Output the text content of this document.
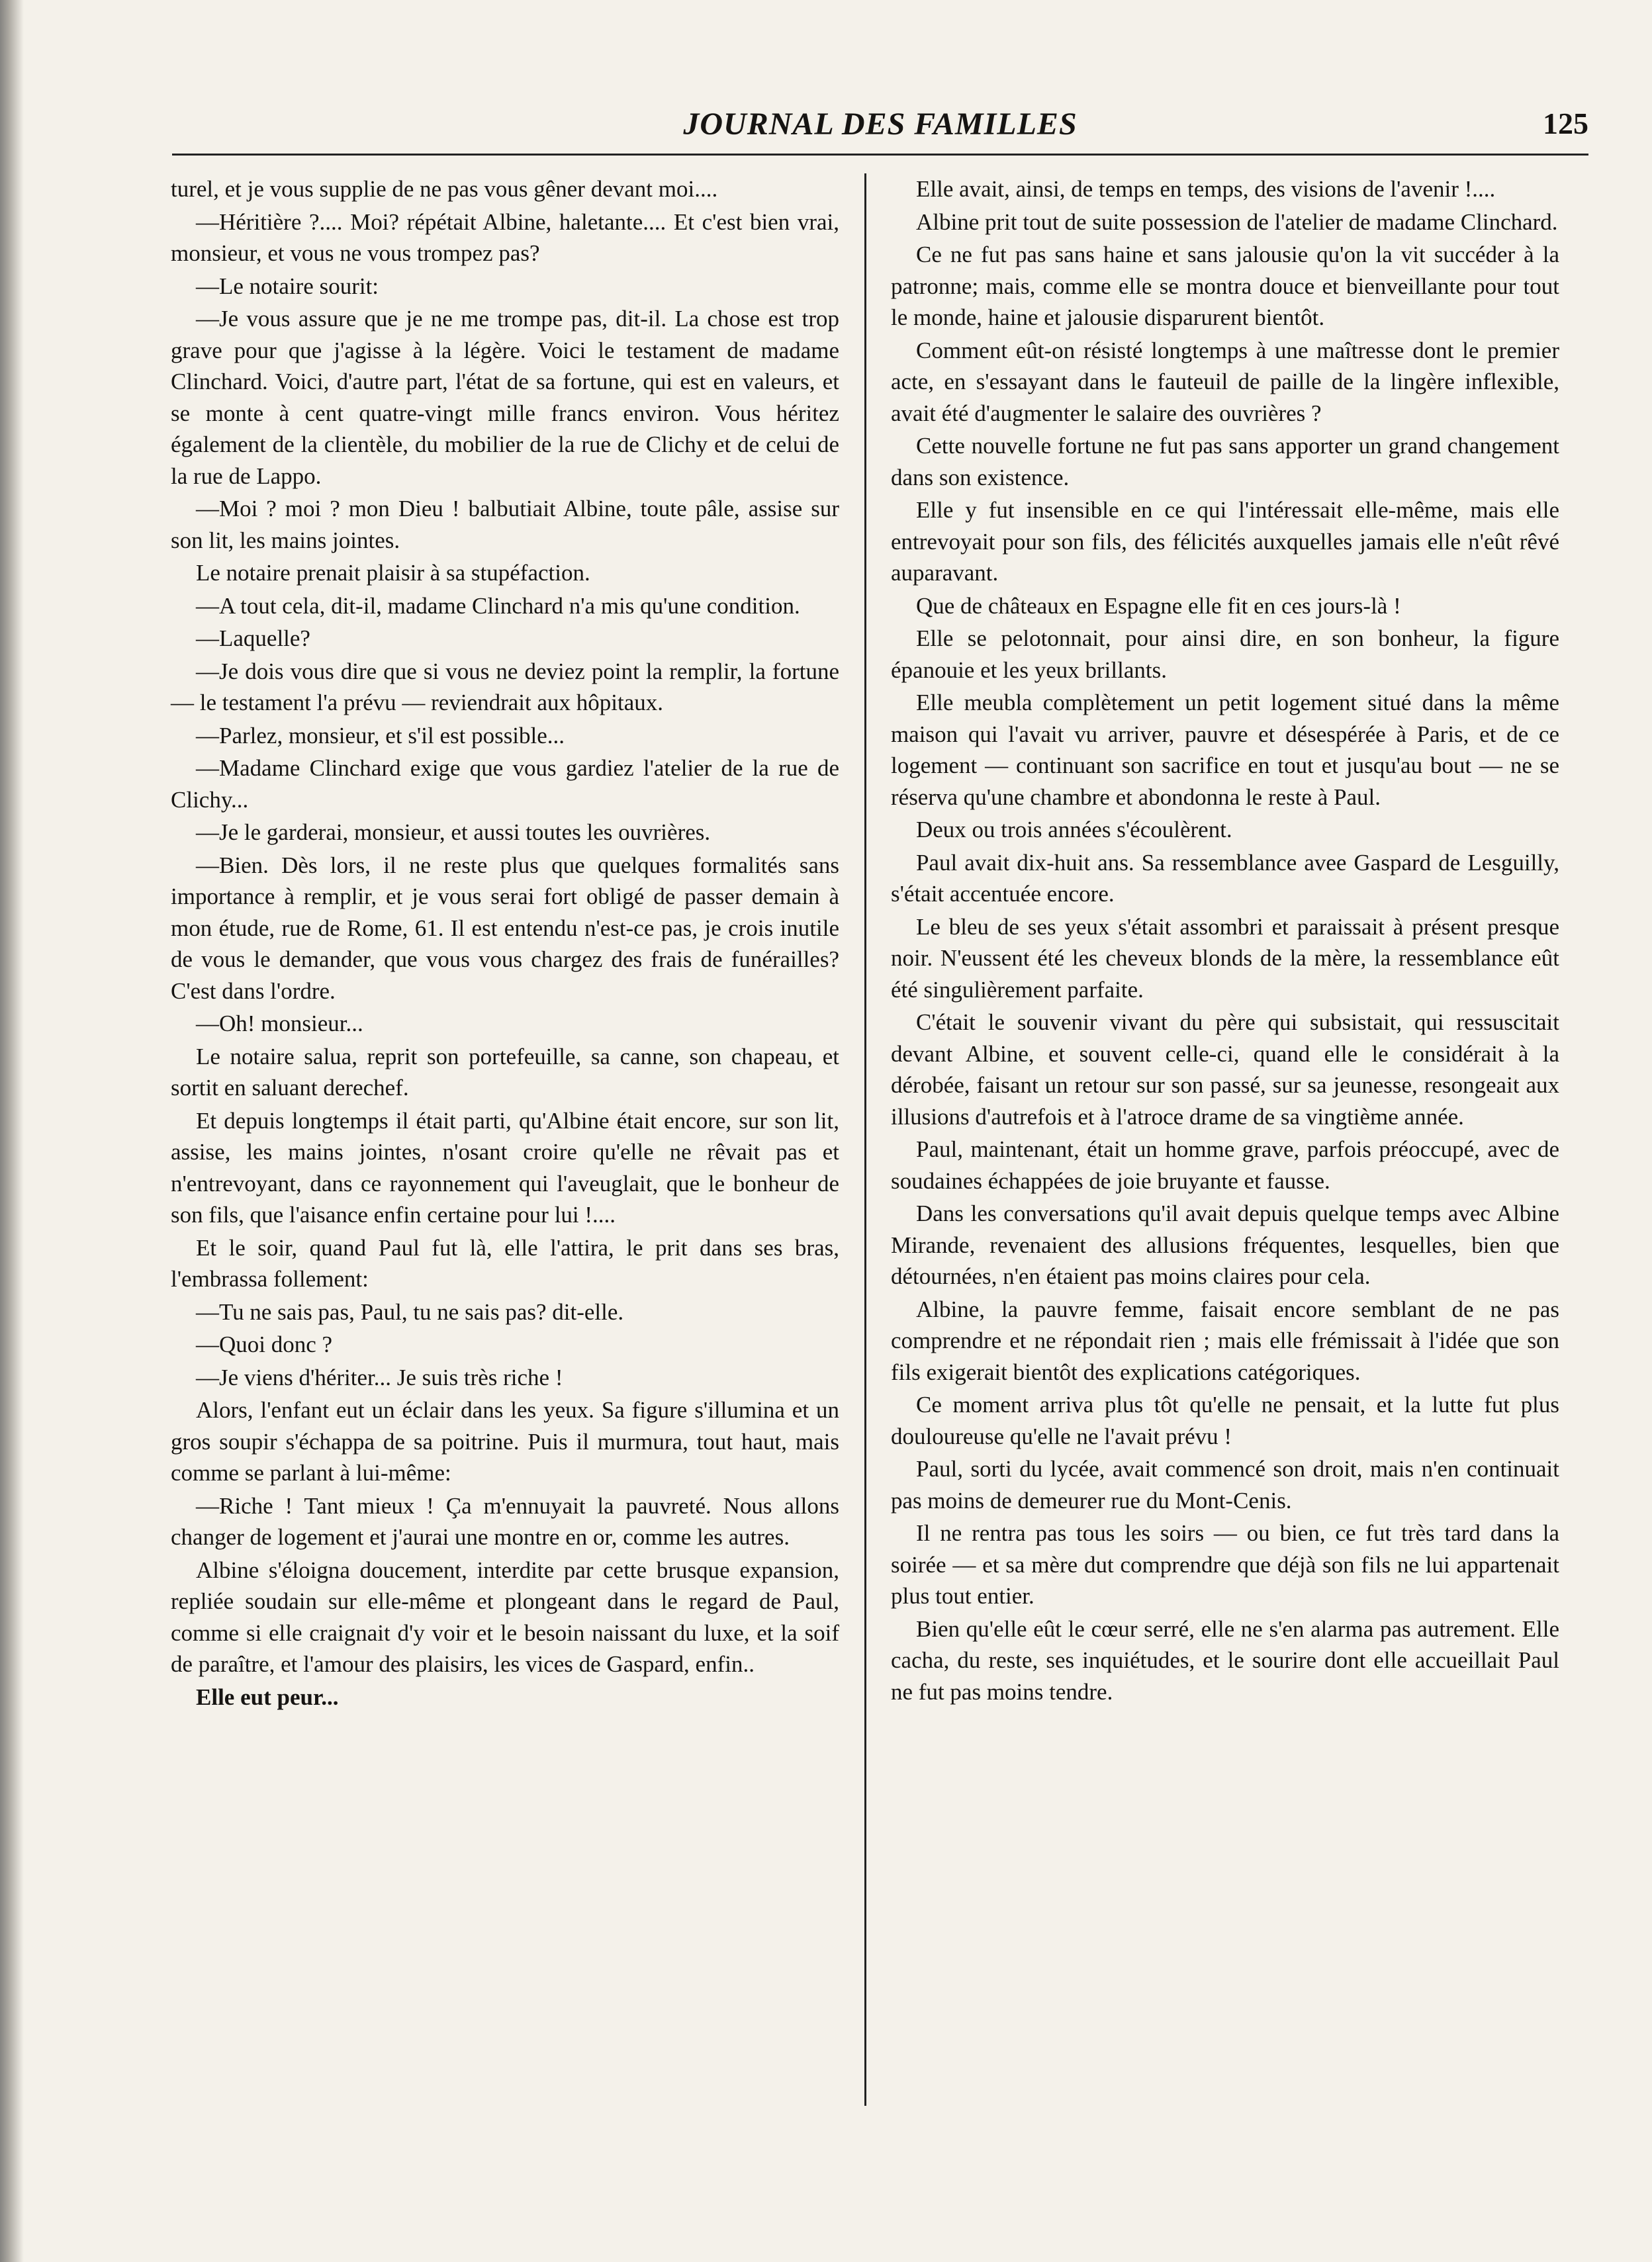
JOURNAL DES FAMILLES	125

turel, et je vous supplie de ne pas vous gêner devant moi....

—Héritière ?.... Moi? répétait Albine, haletante.... Et c'est bien vrai, monsieur, et vous ne vous trompez pas?

—Le notaire sourit:

—Je vous assure que je ne me trompe pas, dit-il. La chose est trop grave pour que j'agisse à la légère. Voici le testament de madame Clinchard. Voici, d'autre part, l'état de sa fortune, qui est en valeurs, et se monte à cent quatre-vingt mille francs environ. Vous héritez également de la clientèle, du mobilier de la rue de Clichy et de celui de la rue de Lappo.

—Moi ? moi ? mon Dieu ! balbutiait Albine, toute pâle, assise sur son lit, les mains jointes.

Le notaire prenait plaisir à sa stupéfaction.

—A tout cela, dit-il, madame Clinchard n'a mis qu'une condition.

—Laquelle?

—Je dois vous dire que si vous ne deviez point la remplir, la fortune — le testament l'a prévu — reviendrait aux hôpitaux.

—Parlez, monsieur, et s'il est possible...

—Madame Clinchard exige que vous gardiez l'atelier de la rue de Clichy...

—Je le garderai, monsieur, et aussi toutes les ouvrières.

—Bien. Dès lors, il ne reste plus que quelques formalités sans importance à remplir, et je vous serai fort obligé de passer demain à mon étude, rue de Rome, 61. Il est entendu n'est-ce pas, je crois inutile de vous le demander, que vous vous chargez des frais de funérailles? C'est dans l'ordre.

—Oh! monsieur...

Le notaire salua, reprit son portefeuille, sa canne, son chapeau, et sortit en saluant derechef.

Et depuis longtemps il était parti, qu'Albine était encore, sur son lit, assise, les mains jointes, n'osant croire qu'elle ne rêvait pas et n'entrevoyant, dans ce rayonnement qui l'aveuglait, que le bonheur de son fils, que l'aisance enfin certaine pour lui !....

Et le soir, quand Paul fut là, elle l'attira, le prit dans ses bras, l'embrassa follement:

—Tu ne sais pas, Paul, tu ne sais pas? dit-elle.

—Quoi donc ?

—Je viens d'hériter... Je suis très riche !

Alors, l'enfant eut un éclair dans les yeux. Sa figure s'illumina et un gros soupir s'échappa de sa poitrine. Puis il murmura, tout haut, mais comme se parlant à lui-même:

—Riche ! Tant mieux ! Ça m'ennuyait la pauvreté. Nous allons changer de logement et j'aurai une montre en or, comme les autres.

Albine s'éloigna doucement, interdite par cette brusque expansion, repliée soudain sur elle-même et plongeant dans le regard de Paul, comme si elle craignait d'y voir et le besoin naissant du luxe, et la soif de paraître, et l'amour des plaisirs, les vices de Gaspard, enfin..

Elle eut peur...

Elle avait, ainsi, de temps en temps, des visions de l'avenir !....

Albine prit tout de suite possession de l'atelier de madame Clinchard.

Ce ne fut pas sans haine et sans jalousie qu'on la vit succéder à la patronne; mais, comme elle se montra douce et bienveillante pour tout le monde, haine et jalousie disparurent bientôt.

Comment eût-on résisté longtemps à une maîtresse dont le premier acte, en s'essayant dans le fauteuil de paille de la lingère inflexible, avait été d'augmenter le salaire des ouvrières ?

Cette nouvelle fortune ne fut pas sans apporter un grand changement dans son existence.

Elle y fut insensible en ce qui l'intéressait elle-même, mais elle entrevoyait pour son fils, des félicités auxquelles jamais elle n'eût rêvé auparavant.

Que de châteaux en Espagne elle fit en ces jours-là !

Elle se pelotonnait, pour ainsi dire, en son bonheur, la figure épanouie et les yeux brillants.

Elle meubla complètement un petit logement situé dans la même maison qui l'avait vu arriver, pauvre et désespérée à Paris, et de ce logement — continuant son sacrifice en tout et jusqu'au bout — ne se réserva qu'une chambre et abondonna le reste à Paul.

Deux ou trois années s'écoulèrent.

Paul avait dix-huit ans. Sa ressemblance avee Gaspard de Lesguilly, s'était accentuée encore.

Le bleu de ses yeux s'était assombri et paraissait à présent presque noir. N'eussent été les cheveux blonds de la mère, la ressemblance eût été singulièrement parfaite.

C'était le souvenir vivant du père qui subsistait, qui ressuscitait devant Albine, et souvent celle-ci, quand elle le considérait à la dérobée, faisant un retour sur son passé, sur sa jeunesse, resongeait aux illusions d'autrefois et à l'atroce drame de sa vingtième année.

Paul, maintenant, était un homme grave, parfois préoccupé, avec de soudaines échappées de joie bruyante et fausse.

Dans les conversations qu'il avait depuis quelque temps avec Albine Mirande, revenaient des allusions fréquentes, lesquelles, bien que détournées, n'en étaient pas moins claires pour cela.

Albine, la pauvre femme, faisait encore semblant de ne pas comprendre et ne répondait rien ; mais elle frémissait à l'idée que son fils exigerait bientôt des explications catégoriques.

Ce moment arriva plus tôt qu'elle ne pensait, et la lutte fut plus douloureuse qu'elle ne l'avait prévu !

Paul, sorti du lycée, avait commencé son droit, mais n'en continuait pas moins de demeurer rue du Mont-Cenis.

Il ne rentra pas tous les soirs — ou bien, ce fut très tard dans la soirée — et sa mère dut comprendre que déjà son fils ne lui appartenait plus tout entier.

Bien qu'elle eût le cœur serré, elle ne s'en alarma pas autrement. Elle cacha, du reste, ses inquiétudes, et le sourire dont elle accueillait Paul ne fut pas moins tendre.
